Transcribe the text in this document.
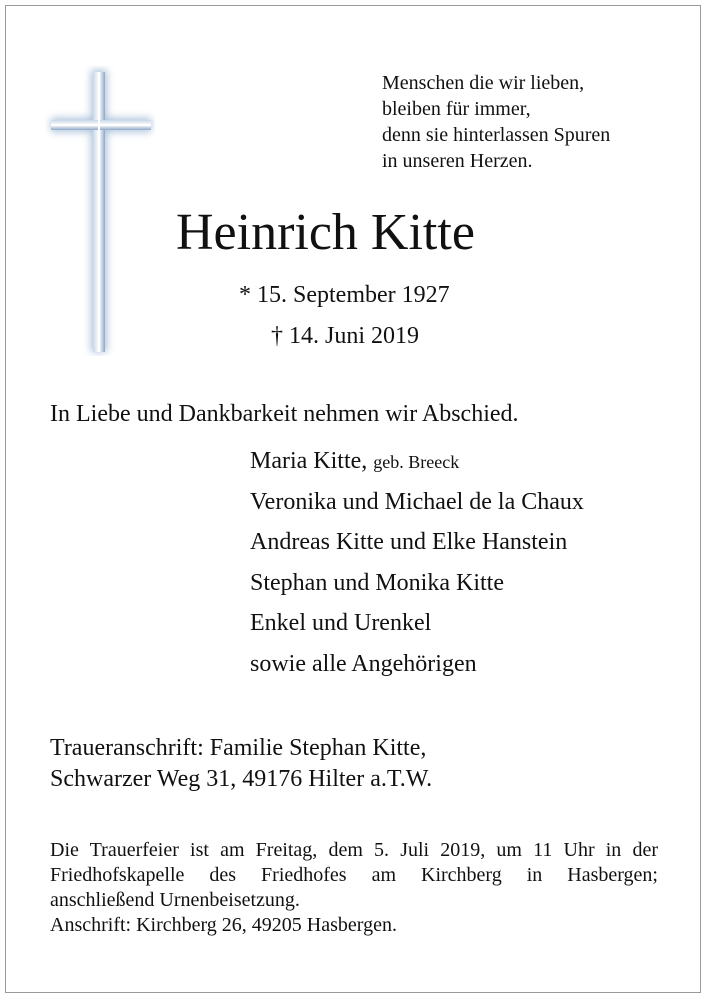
Menschen die wir lieben,
bleiben für immer,
denn sie hinterlassen Spuren
in unseren Herzen.
Heinrich Kitte
* 15. September 1927
† 14. Juni 2019
In Liebe und Dankbarkeit nehmen wir Abschied.
Maria Kitte, geb. Breeck
Veronika und Michael de la Chaux
Andreas Kitte und Elke Hanstein
Stephan und Monika Kitte
Enkel und Urenkel
sowie alle Angehörigen
Traueranschrift: Familie Stephan Kitte,
Schwarzer Weg 31, 49176 Hilter a.T.W.
Die Trauerfeier ist am Freitag, dem 5. Juli 2019, um 11 Uhr in der
Friedhofskapelle des Friedhofes am Kirchberg in Hasbergen;
anschließend Urnenbeisetzung.
Anschrift: Kirchberg 26, 49205 Hasbergen.
